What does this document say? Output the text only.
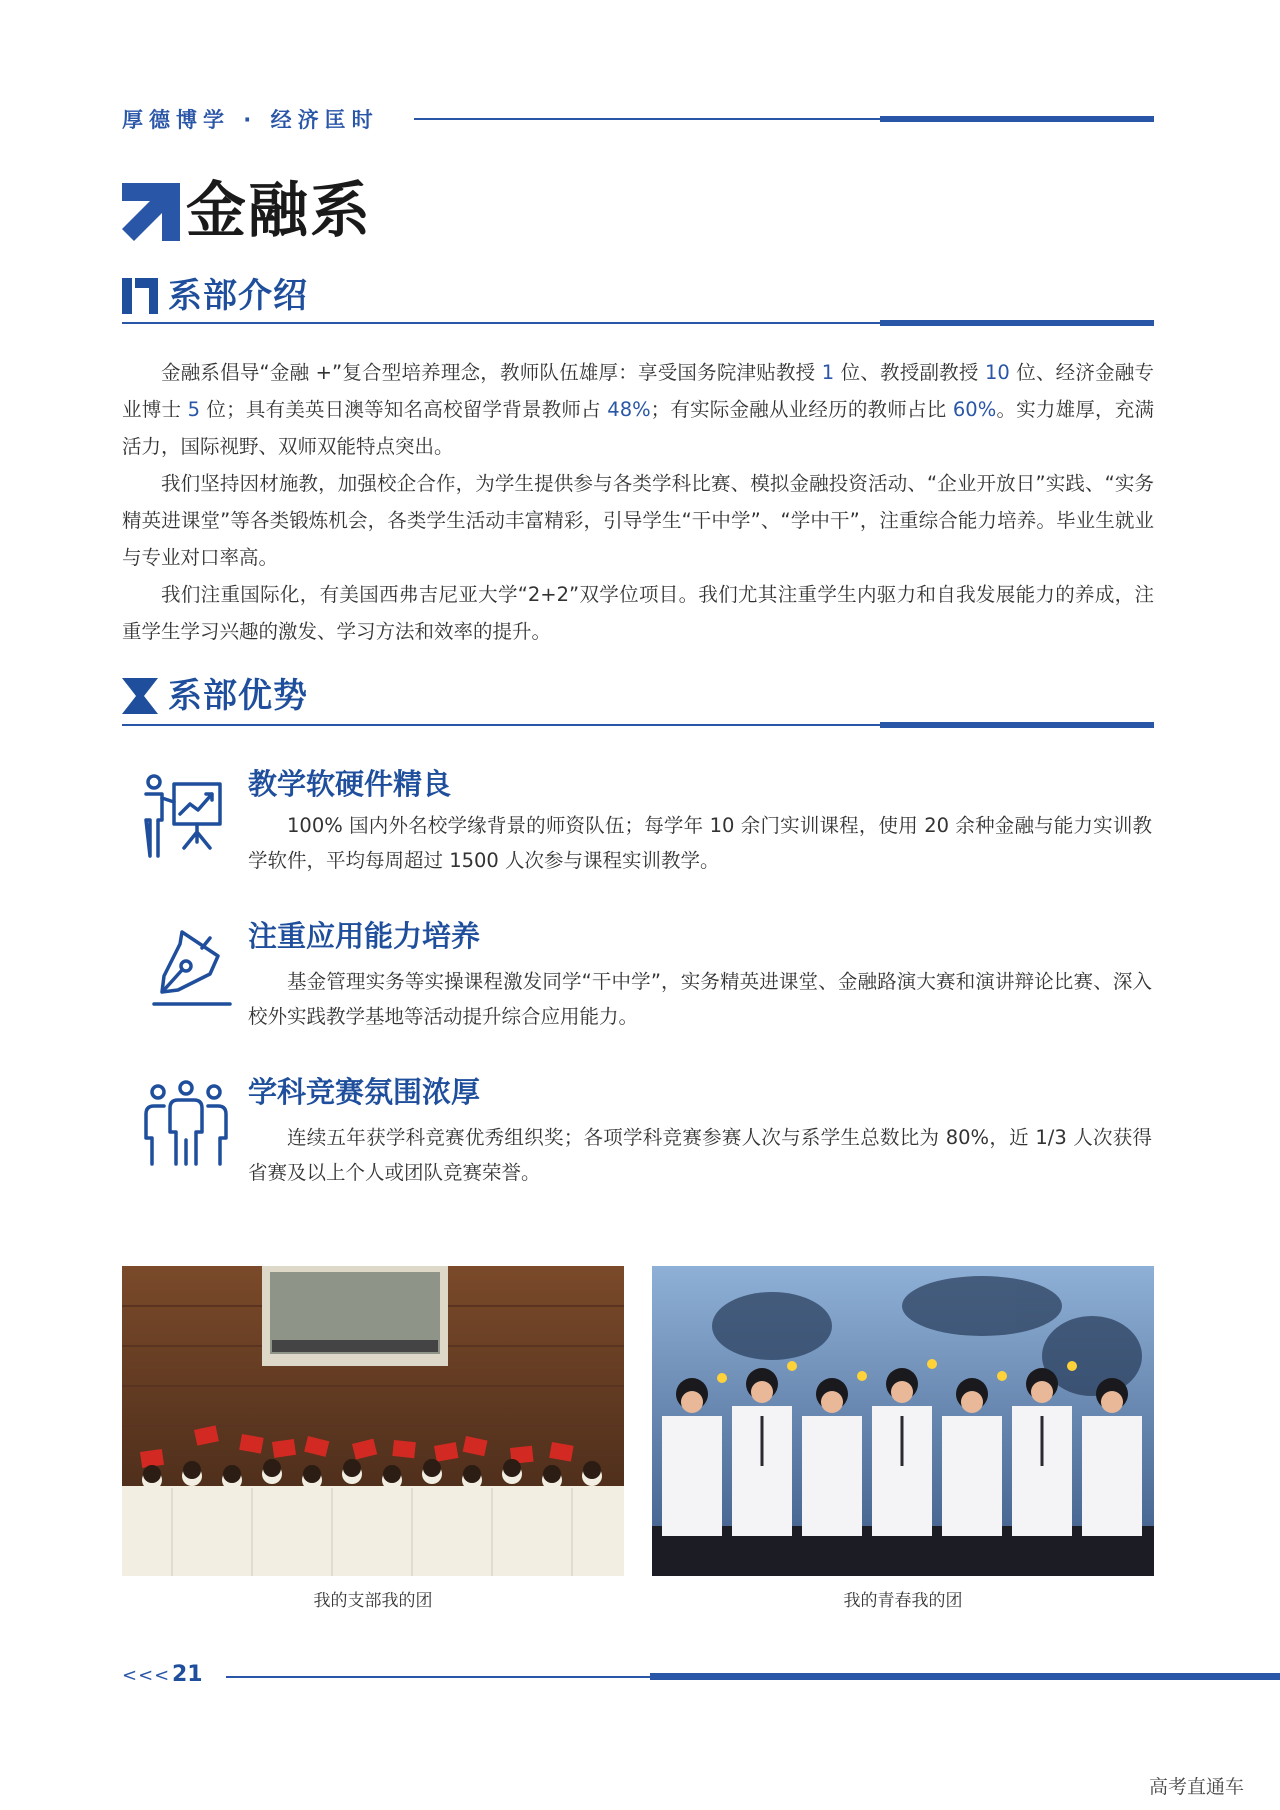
厚德博学 · 经济匡时
金融系
系部介绍

金融系倡导“金融 +”复合型培养理念，教师队伍雄厚：享受国务院津贴教授 1 位、教授副教授 10 位、经济金融专业博士 5 位；具有美英日澳等知名高校留学背景教师占 48%；有实际金融从业经历的教师占比 60%。实力雄厚，充满活力，国际视野、双师双能特点突出。

我们坚持因材施教，加强校企合作，为学生提供参与各类学科比赛、模拟金融投资活动、“企业开放日”实践、“实务精英进课堂”等各类锻炼机会，各类学生活动丰富精彩，引导学生“干中学”、“学中干”，注重综合能力培养。毕业生就业与专业对口率高。

我们注重国际化，有美国西弗吉尼亚大学“2+2”双学位项目。我们尤其注重学生内驱力和自我发展能力的养成，注重学生学习兴趣的激发、学习方法和效率的提升。

系部优势
教学软硬件精良

100% 国内外名校学缘背景的师资队伍；每学年 10 余门实训课程，使用 20 余种金融与能力实训教学软件，平均每周超过 1500 人次参与课程实训教学。

注重应用能力培养

基金管理实务等实操课程激发同学“干中学”，实务精英进课堂、金融路演大赛和演讲辩论比赛、深入校外实践教学基地等活动提升综合应用能力。

学科竞赛氛围浓厚

连续五年获学科竞赛优秀组织奖；各项学科竞赛参赛人次与系学生总数比为 80%，近 1/3 人次获得省赛及以上个人或团队竞赛荣誉。

我的支部我的团	我的青春我的团
<<< 21
高考直通车
